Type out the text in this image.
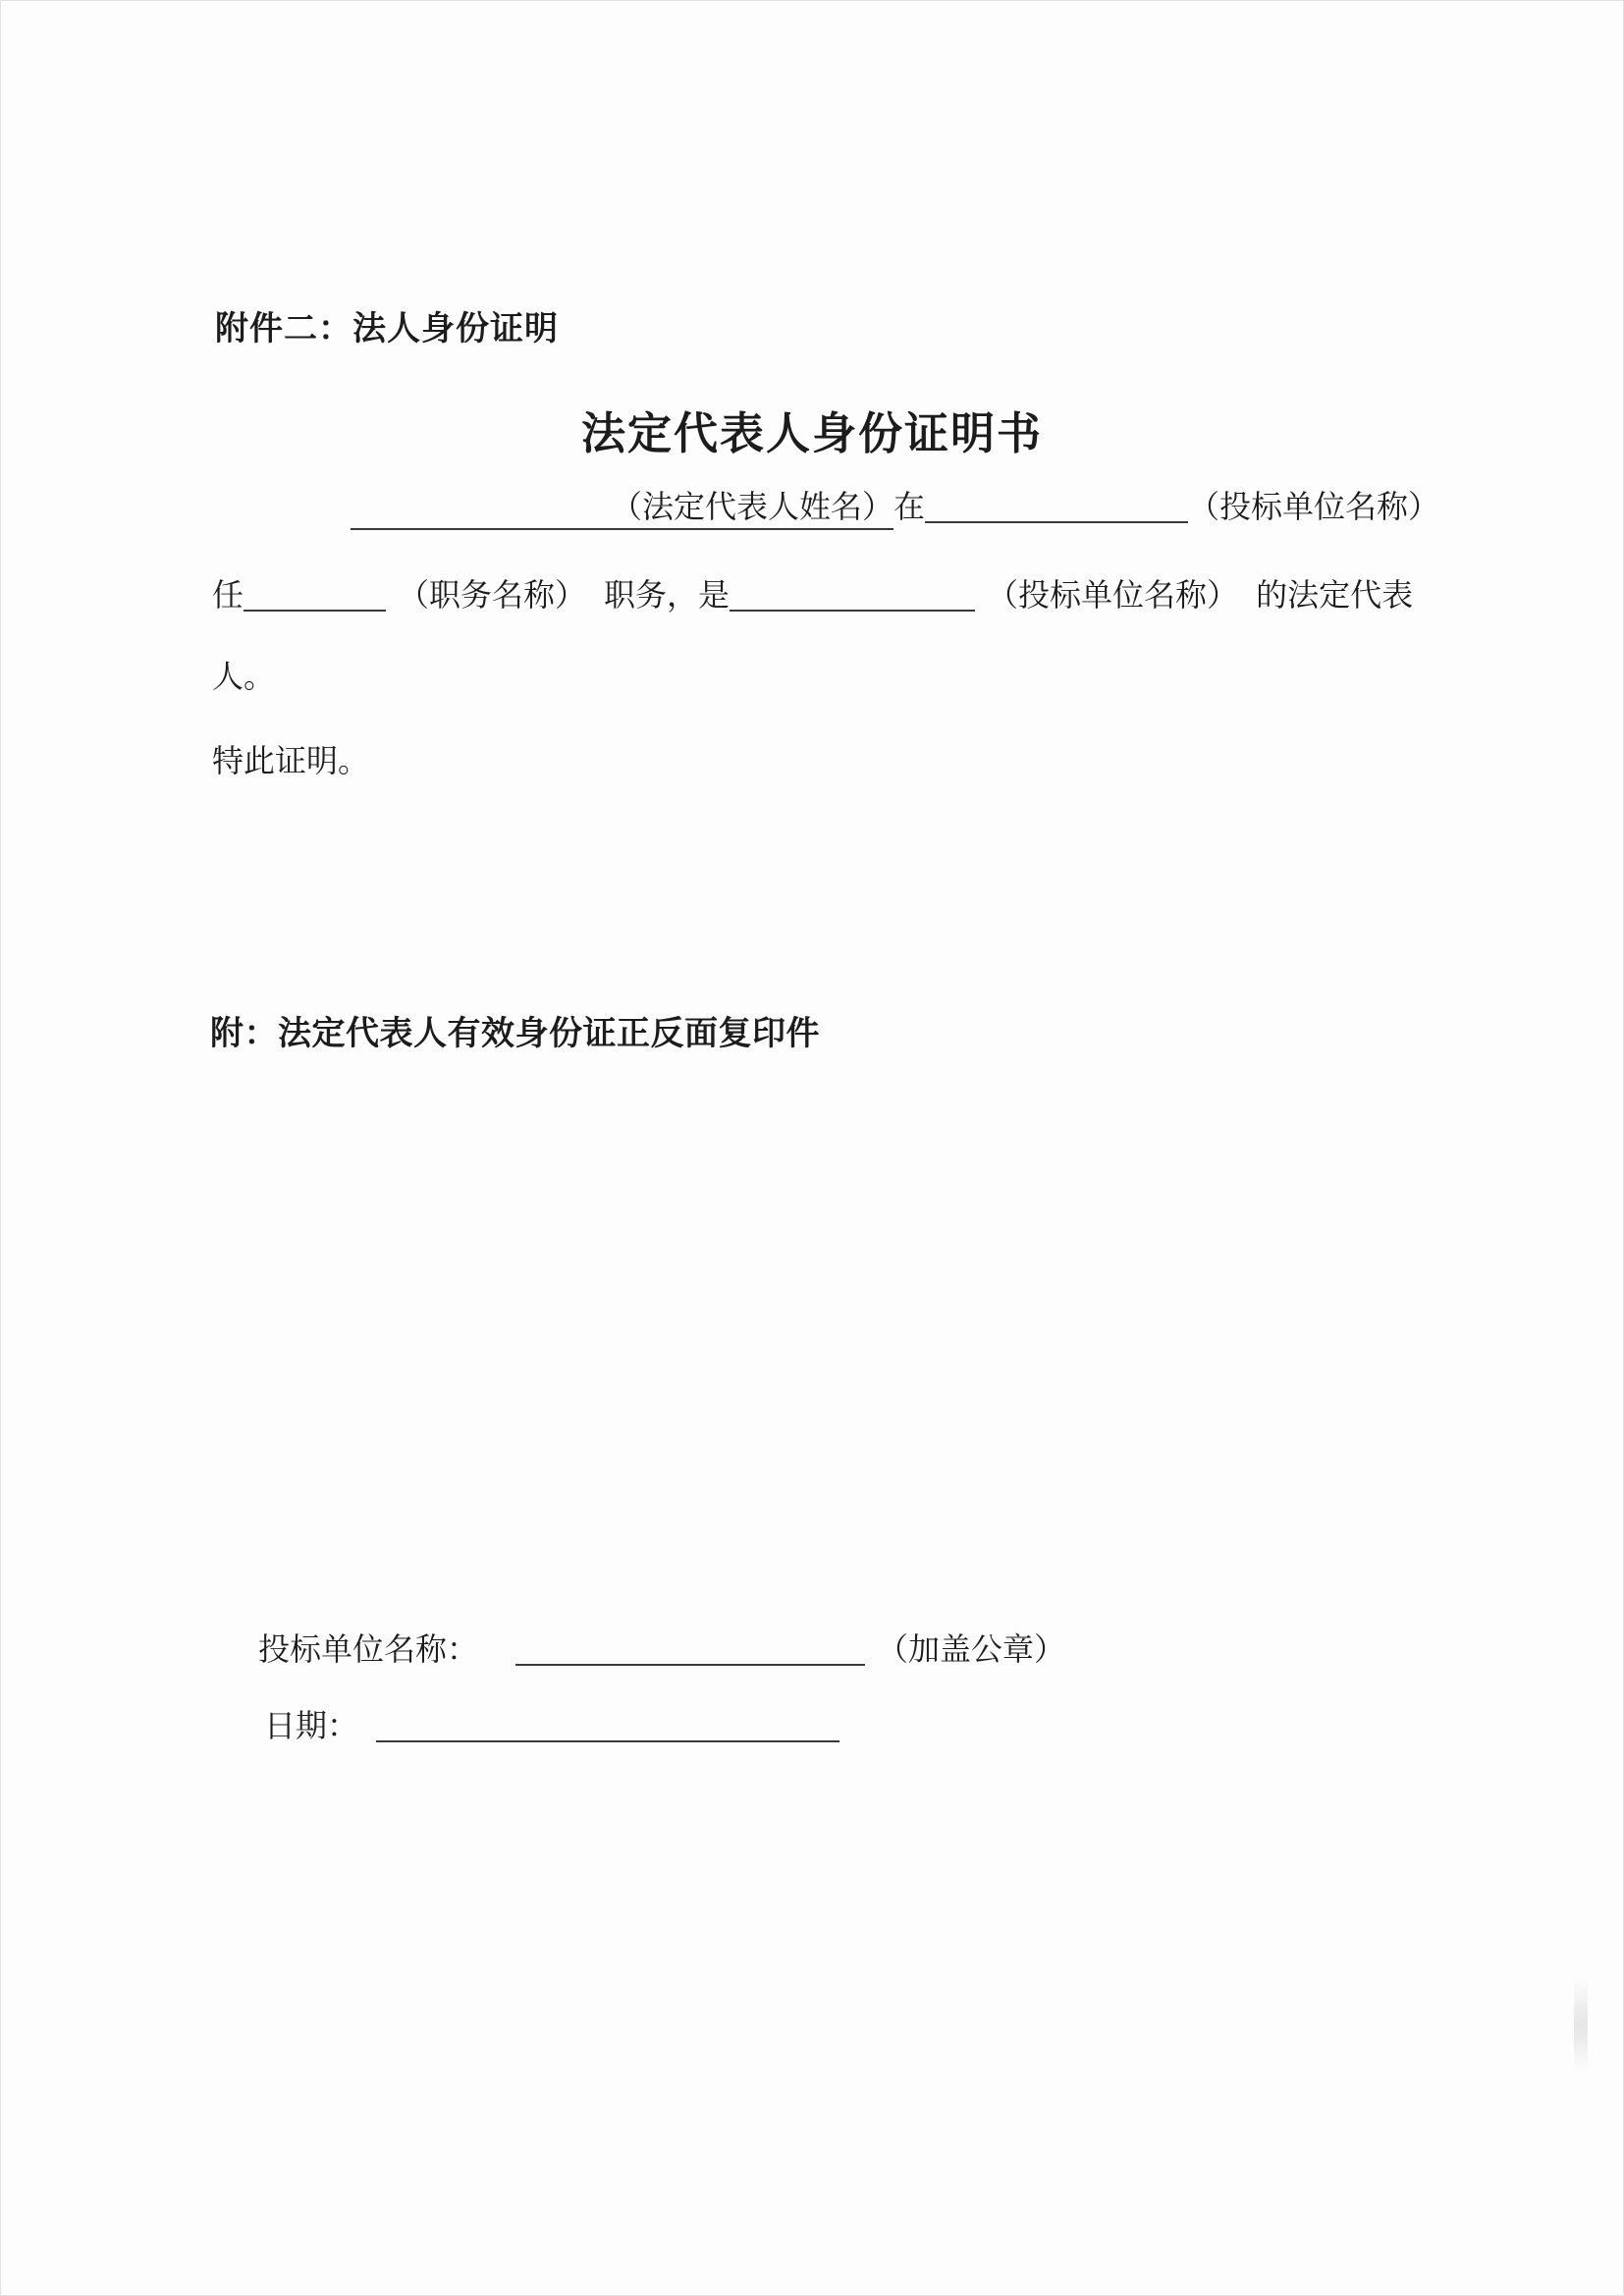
附件二：法人身份证明
法定代表人身份证明书
（法定代表人姓名）在	（投标单位名称）
任	（职务名称） 职务，是	（投标单位名称） 的法定代表
人。
特此证明。
附：法定代表人有效身份证正反面复印件
投标单位名称：	（加盖公章）
日期：
